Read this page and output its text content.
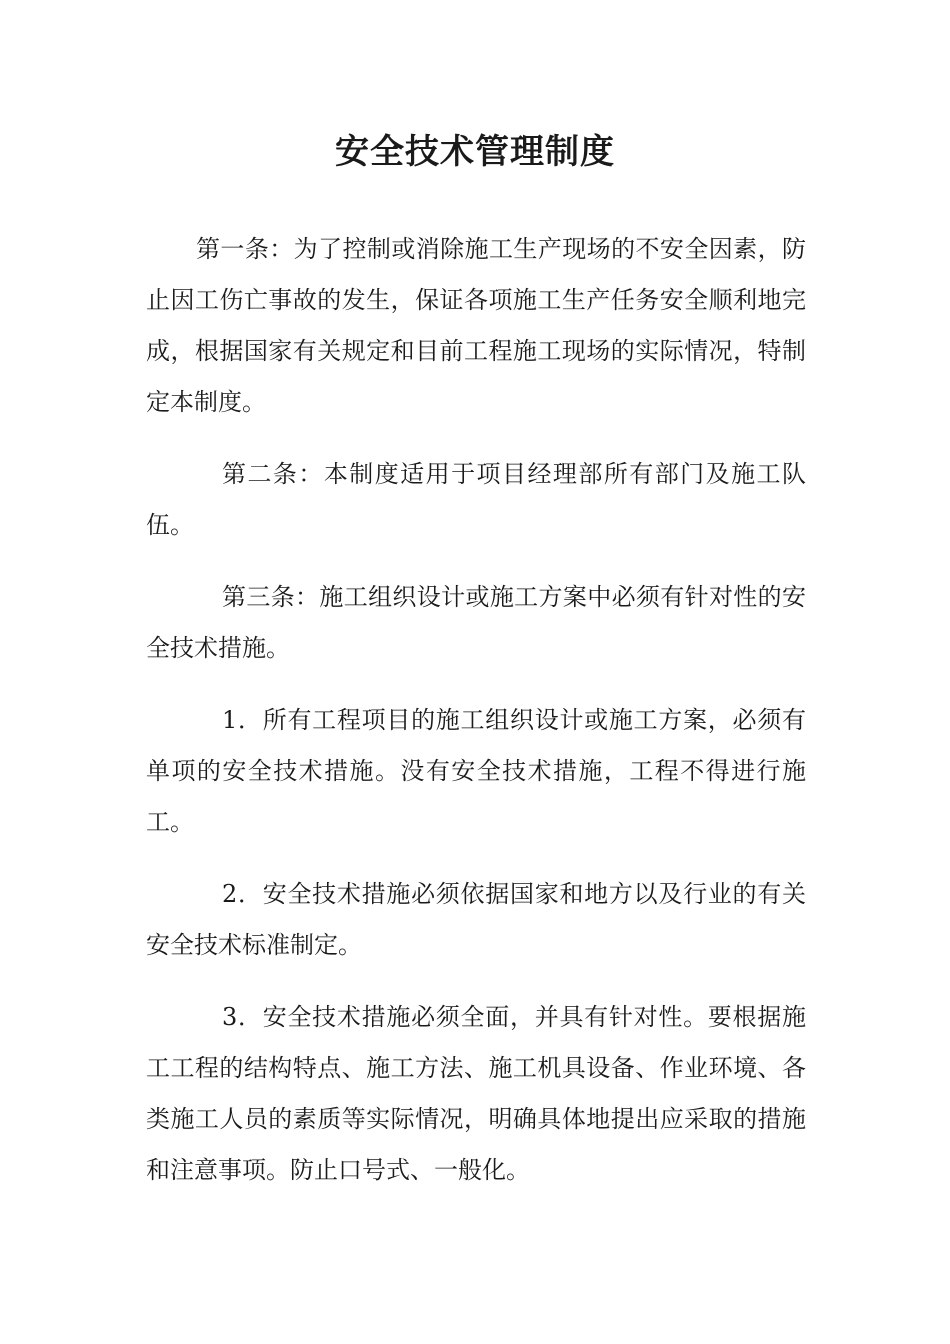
安全技术管理制度

第一条：为了控制或消除施工生产现场的不安全因素，防止因工伤亡事故的发生，保证各项施工生产任务安全顺利地完成，根据国家有关规定和目前工程施工现场的实际情况，特制定本制度。

第二条：本制度适用于项目经理部所有部门及施工队伍。

第三条：施工组织设计或施工方案中必须有针对性的安全技术措施。

1．所有工程项目的施工组织设计或施工方案，必须有单项的安全技术措施。没有安全技术措施，工程不得进行施工。

2．安全技术措施必须依据国家和地方以及行业的有关安全技术标准制定。

3．安全技术措施必须全面，并具有针对性。要根据施工工程的结构特点、施工方法、施工机具设备、作业环境、各类施工人员的素质等实际情况，明确具体地提出应采取的措施和注意事项。防止口号式、一般化。
